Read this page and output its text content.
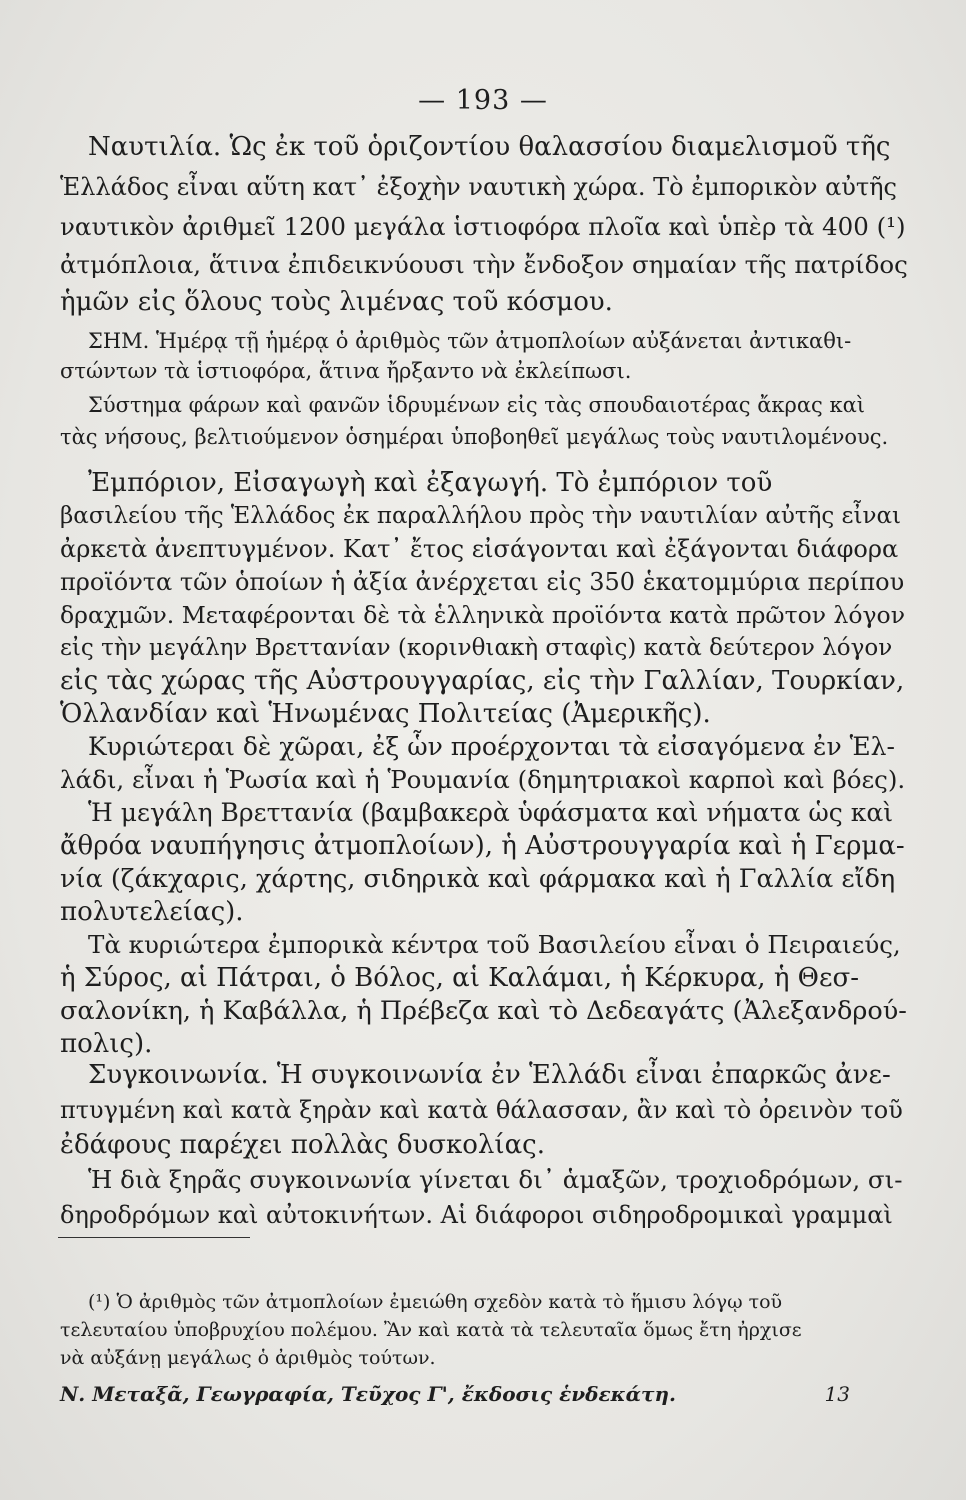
— 193 —
Ναυτιλία. Ὡς ἐκ τοῦ ὁριζοντίου θαλασσίου διαμελισμοῦ τῆς
Ἑλλάδος εἶναι αὕτη κατ᾽ ἐξοχὴν ναυτικὴ χώρα. Τὸ ἐμπορικὸν αὐτῆς
ναυτικὸν ἀριθμεῖ 1200 μεγάλα ἱστιοφόρα πλοῖα καὶ ὑπὲρ τὰ 400 (¹)
ἀτμόπλοια, ἅτινα ἐπιδεικνύουσι τὴν ἔνδοξον σημαίαν τῆς πατρίδος
ἡμῶν εἰς ὅλους τοὺς λιμένας τοῦ κόσμου.
ΣΗΜ. Ἡμέρᾳ τῇ ἡμέρᾳ ὁ ἀριθμὸς τῶν ἀτμοπλοίων αὐξάνεται ἀντικαθι-
στώντων τὰ ἱστιοφόρα, ἅτινα ἤρξαντο νὰ ἐκλείπωσι.
Σύστημα φάρων καὶ φανῶν ἱδρυμένων εἰς τὰς σπουδαιοτέρας ἄκρας καὶ
τὰς νήσους, βελτιούμενον ὁσημέραι ὑποβοηθεῖ μεγάλως τοὺς ναυτιλομένους.
Ἐμπόριον, Εἰσαγωγὴ καὶ ἐξαγωγή. Τὸ ἐμπόριον τοῦ
βασιλείου τῆς Ἑλλάδος ἐκ παραλλήλου πρὸς τὴν ναυτιλίαν αὐτῆς εἶναι
ἀρκετὰ ἀνεπτυγμένον. Κατ᾽ ἔτος εἰσάγονται καὶ ἐξάγονται διάφορα
προϊόντα τῶν ὁποίων ἡ ἀξία ἀνέρχεται εἰς 350 ἑκατομμύρια περίπου
δραχμῶν. Μεταφέρονται δὲ τὰ ἑλληνικὰ προϊόντα κατὰ πρῶτον λόγον
εἰς τὴν μεγάλην Βρεττανίαν (κορινθιακὴ σταφὶς) κατὰ δεύτερον λόγον
εἰς τὰς χώρας τῆς Αὐστρουγγαρίας, εἰς τὴν Γαλλίαν, Τουρκίαν,
Ὁλλανδίαν καὶ Ἡνωμένας Πολιτείας (Ἀμερικῆς).
Κυριώτεραι δὲ χῶραι, ἐξ ὧν προέρχονται τὰ εἰσαγόμενα ἐν Ἑλ-
λάδι, εἶναι ἡ Ῥωσία καὶ ἡ Ῥουμανία (δημητριακοὶ καρποὶ καὶ βόες).
Ἡ μεγάλη Βρεττανία (βαμβακερὰ ὑφάσματα καὶ νήματα ὡς καὶ
ἄθρόα ναυπήγησις ἀτμοπλοίων), ἡ Αὐστρουγγαρία καὶ ἡ Γερμα-
νία (ζάκχαρις, χάρτης, σιδηρικὰ καὶ φάρμακα καὶ ἡ Γαλλία εἴδη
πολυτελείας).
Τὰ κυριώτερα ἐμπορικὰ κέντρα τοῦ Βασιλείου εἶναι ὁ Πειραιεύς,
ἡ Σύρος, αἱ Πάτραι, ὁ Βόλος, αἱ Καλάμαι, ἡ Κέρκυρα, ἡ Θεσ-
σαλονίκη, ἡ Καβάλλα, ἡ Πρέβεζα καὶ τὸ Δεδεαγάτς (Ἀλεξανδρού-
πολις).
Συγκοινωνία. Ἡ συγκοινωνία ἐν Ἑλλάδι εἶναι ἐπαρκῶς ἀνε-
πτυγμένη καὶ κατὰ ξηρὰν καὶ κατὰ θάλασσαν, ἂν καὶ τὸ ὀρεινὸν τοῦ
ἐδάφους παρέχει πολλὰς δυσκολίας.
Ἡ διὰ ξηρᾶς συγκοινωνία γίνεται δι᾽ ἁμαξῶν, τροχιοδρόμων, σι-
δηροδρόμων καὶ αὐτοκινήτων. Αἱ διάφοροι σιδηροδρομικαὶ γραμμαὶ
(¹) Ὁ ἀριθμὸς τῶν ἀτμοπλοίων ἐμειώθη σχεδὸν κατὰ τὸ ἥμισυ λόγῳ τοῦ
τελευταίου ὑποβρυχίου πολέμου. Ἂν καὶ κατὰ τὰ τελευταῖα ὅμως ἔτη ἠρχισε
νὰ αὐξάνῃ μεγάλως ὁ ἀριθμὸς τούτων.
Ν. Μεταξᾶ, Γεωγραφία, Τεῦχος Γ', ἔκδοσις ἑνδεκάτη.	13
